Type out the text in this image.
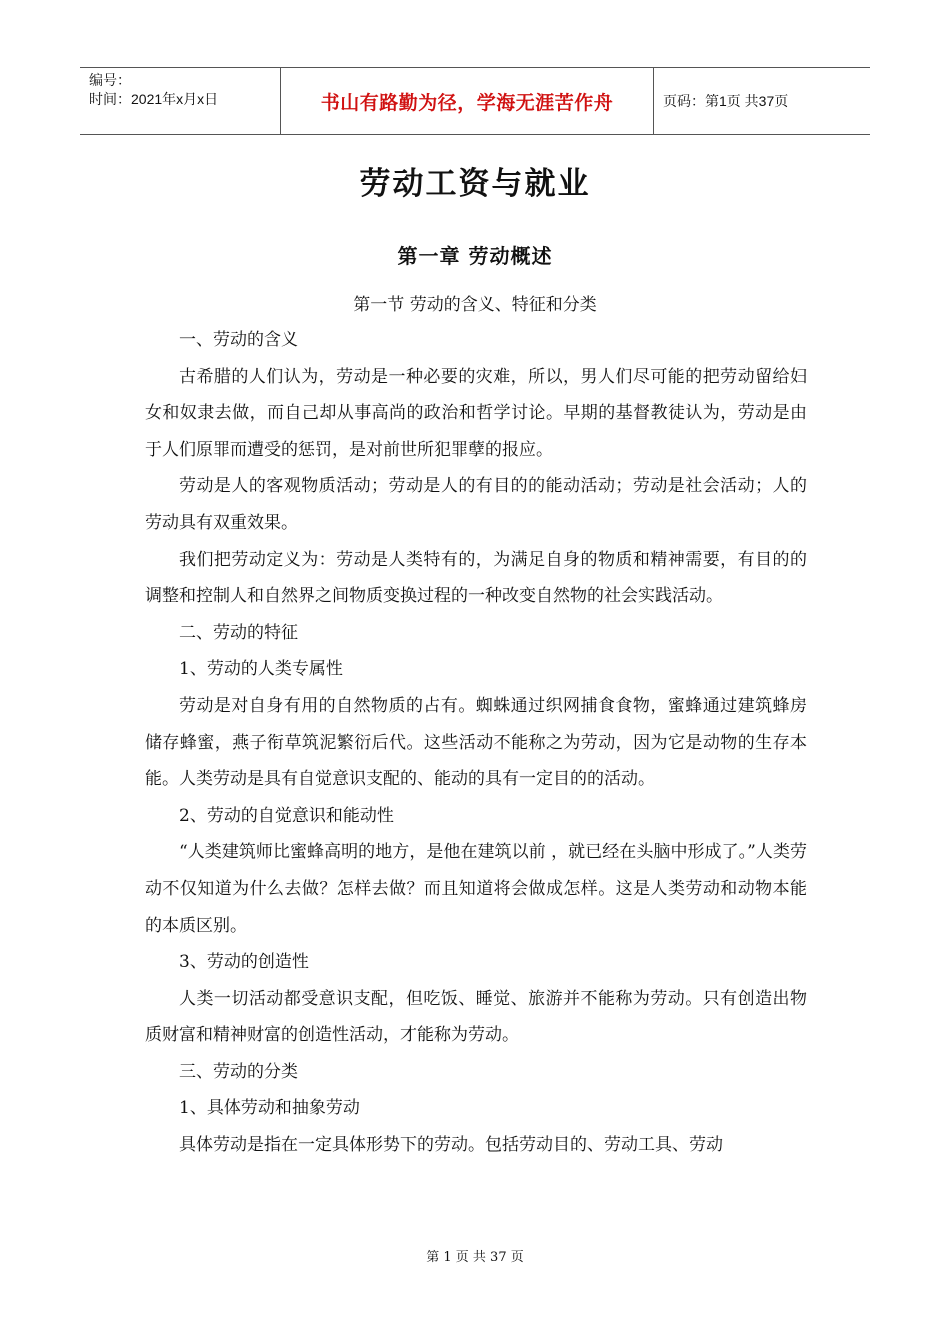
编号：
时间：2021年x月x日	书山有路勤为径，学海无涯苦作舟	页码：第1页 共37页
劳动工资与就业
第一章 劳动概述
第一节 劳动的含义、特征和分类

一、劳动的含义

古希腊的人们认为，劳动是一种必要的灾难，所以，男人们尽可能的把劳动留给妇女和奴隶去做，而自己却从事高尚的政治和哲学讨论。早期的基督教徒认为，劳动是由于人们原罪而遭受的惩罚，是对前世所犯罪孽的报应。

劳动是人的客观物质活动；劳动是人的有目的的能动活动；劳动是社会活动；人的劳动具有双重效果。

我们把劳动定义为：劳动是人类特有的，为满足自身的物质和精神需要，有目的的调整和控制人和自然界之间物质变换过程的一种改变自然物的社会实践活动。

二、劳动的特征

1、劳动的人类专属性

劳动是对自身有用的自然物质的占有。蜘蛛通过织网捕食食物，蜜蜂通过建筑蜂房储存蜂蜜，燕子衔草筑泥繁衍后代。这些活动不能称之为劳动，因为它是动物的生存本能。人类劳动是具有自觉意识支配的、能动的具有一定目的的活动。

2、劳动的自觉意识和能动性

“人类建筑师比蜜蜂高明的地方，是他在建筑以前 ，就已经在头脑中形成了。”人类劳动不仅知道为什么去做？怎样去做？而且知道将会做成怎样。这是人类劳动和动物本能的本质区别。

3、劳动的创造性

人类一切活动都受意识支配，但吃饭、睡觉、旅游并不能称为劳动。只有创造出物质财富和精神财富的创造性活动，才能称为劳动。

三、劳动的分类

1、具体劳动和抽象劳动

具体劳动是指在一定具体形势下的劳动。包括劳动目的、劳动工具、劳动

第 1 页 共 37 页
